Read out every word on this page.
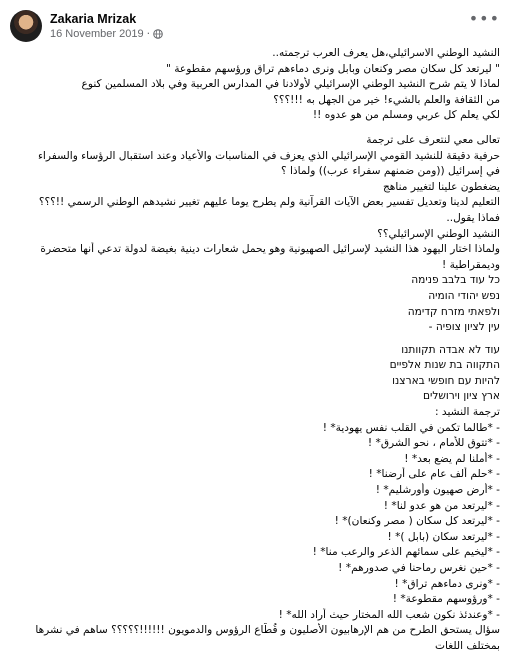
Zakaria Mrizak
16 November 2019 ·
•••

النشيد الوطني الاسرائيلي،هل يعرف العرب ترجمته..

" ليرتعد كل سكان مصر وكنعان وبابل ونرى دماءهم تراق ورؤسهم مقطوعة "

لماذا لا يتم شرح النشيد الوطني الإسرائيلي لأولادنا في المدارس العربية وفي بلاد المسلمين كنوع

من الثقافة والعلم بالشيء! خير من الجهل به !!!؟؟؟

لكي يعلم كل عربي ومسلم من هو عدوه !!

تعالى معي لنتعرف على ترجمة

حرفية دقيقة للنشيد القومي الإسرائيلي الذي يعزف في المناسبات والأعياد وعند استقبال الرؤساء والسفراء

في إسرائيل ((ومن ضمنهم سفراء عرب)) ولماذا ؟

يضغطون علينا لتغيير مناهج

التعليم لدينا وتعديل تفسير بعض الآيات القرآنية ولم يطرح يوما عليهم تغيير نشيدهم الوطني الرسمي !!؟؟؟

فماذا يقول..

النشيد الوطني الإسرائيلي؟؟

ولماذا اختار اليهود هذا النشيد لإسرائيل الصهيونية وهو يحمل شعارات دينية بغيضة لدولة تدعي أنها متحضرة

وديمقراطية !

כל עוד בלבב פנימה

נפש יהודי הומיה

ולפאתי מזרח קדימה

עין לציון צופיה -

עוד לא אבדה תקוותנו

התקווה בת שנות אלפיים

להיות עם חופשי בארצנו

ארץ ציון וירושלים

ترجمة النشيد :

- *طالما تكمن في القلب نفس يهودية* !

- *تتوق للأمام ، نحو الشرق* !

- *أملنا لم يضع بعد* !

- *حلم ألف عام على أرضنا* !

- *أرض صهيون وأورشليم* !

- *ليرتعد من هو عدو لنا* !

- *ليرتعد كل سكان ( مصر وكنعان)* !

- *ليرتعد سكان (بابل )* !

- *ليخيم على سمائهم الذعر والرعب منا* !

- *حين نغرس رماحنا في صدورهم* !

- *ونرى دماءهم تراق* !

- *ورؤوسهم مقطوعة* !

- *وعندئذ نكون شعب الله المختار حيث أراد الله* !

سؤال يستحق الطرح من هم الإرهابيون الأصليون و قُطّاع الرؤوس والدمويون !!!!!!؟؟؟؟؟ ساهم في نشرها

بمختلف اللغات
